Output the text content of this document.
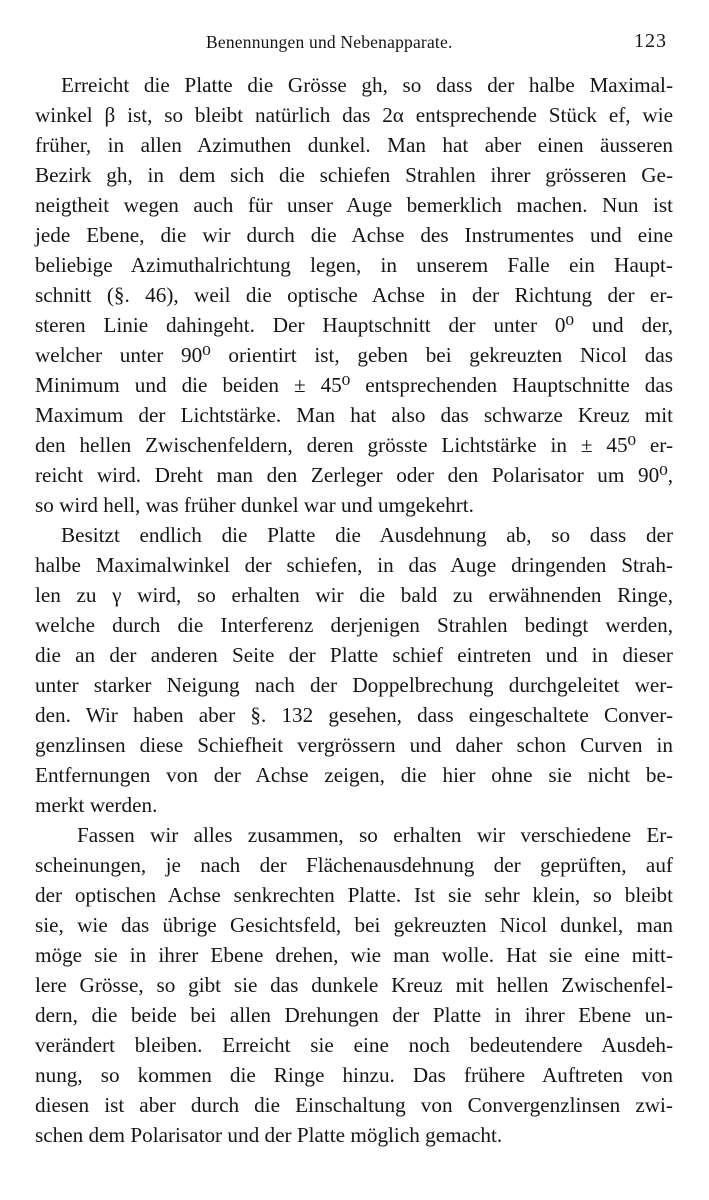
Benennungen und Nebenapparate.	123
Erreicht die Platte die Grösse gh, so dass der halbe Maximal-
winkel β ist, so bleibt natürlich das 2α entsprechende Stück ef, wie
früher, in allen Azimuthen dunkel. Man hat aber einen äusseren
Bezirk gh, in dem sich die schiefen Strahlen ihrer grösseren Ge-
neigtheit wegen auch für unser Auge bemerklich machen. Nun ist
jede Ebene, die wir durch die Achse des Instrumentes und eine
beliebige Azimuthalrichtung legen, in unserem Falle ein Haupt-
schnitt (§. 46), weil die optische Achse in der Richtung der er-
steren Linie dahingeht. Der Hauptschnitt der unter 0⁰ und der,
welcher unter 90⁰ orientirt ist, geben bei gekreuzten Nicol das
Minimum und die beiden ± 45⁰ entsprechenden Hauptschnitte das
Maximum der Lichtstärke. Man hat also das schwarze Kreuz mit
den hellen Zwischenfeldern, deren grösste Lichtstärke in ± 45⁰ er-
reicht wird. Dreht man den Zerleger oder den Polarisator um 90⁰,
so wird hell, was früher dunkel war und umgekehrt.
Besitzt endlich die Platte die Ausdehnung ab, so dass der
halbe Maximalwinkel der schiefen, in das Auge dringenden Strah-
len zu γ wird, so erhalten wir die bald zu erwähnenden Ringe,
welche durch die Interferenz derjenigen Strahlen bedingt werden,
die an der anderen Seite der Platte schief eintreten und in dieser
unter starker Neigung nach der Doppelbrechung durchgeleitet wer-
den. Wir haben aber §. 132 gesehen, dass eingeschaltete Conver-
genzlinsen diese Schiefheit vergrössern und daher schon Curven in
Entfernungen von der Achse zeigen, die hier ohne sie nicht be-
merkt werden.
Fassen wir alles zusammen, so erhalten wir verschiedene Er-
scheinungen, je nach der Flächenausdehnung der geprüften, auf
der optischen Achse senkrechten Platte. Ist sie sehr klein, so bleibt
sie, wie das übrige Gesichtsfeld, bei gekreuzten Nicol dunkel, man
möge sie in ihrer Ebene drehen, wie man wolle. Hat sie eine mitt-
lere Grösse, so gibt sie das dunkele Kreuz mit hellen Zwischenfel-
dern, die beide bei allen Drehungen der Platte in ihrer Ebene un-
verändert bleiben. Erreicht sie eine noch bedeutendere Ausdeh-
nung, so kommen die Ringe hinzu. Das frühere Auftreten von
diesen ist aber durch die Einschaltung von Convergenzlinsen zwi-
schen dem Polarisator und der Platte möglich gemacht.
